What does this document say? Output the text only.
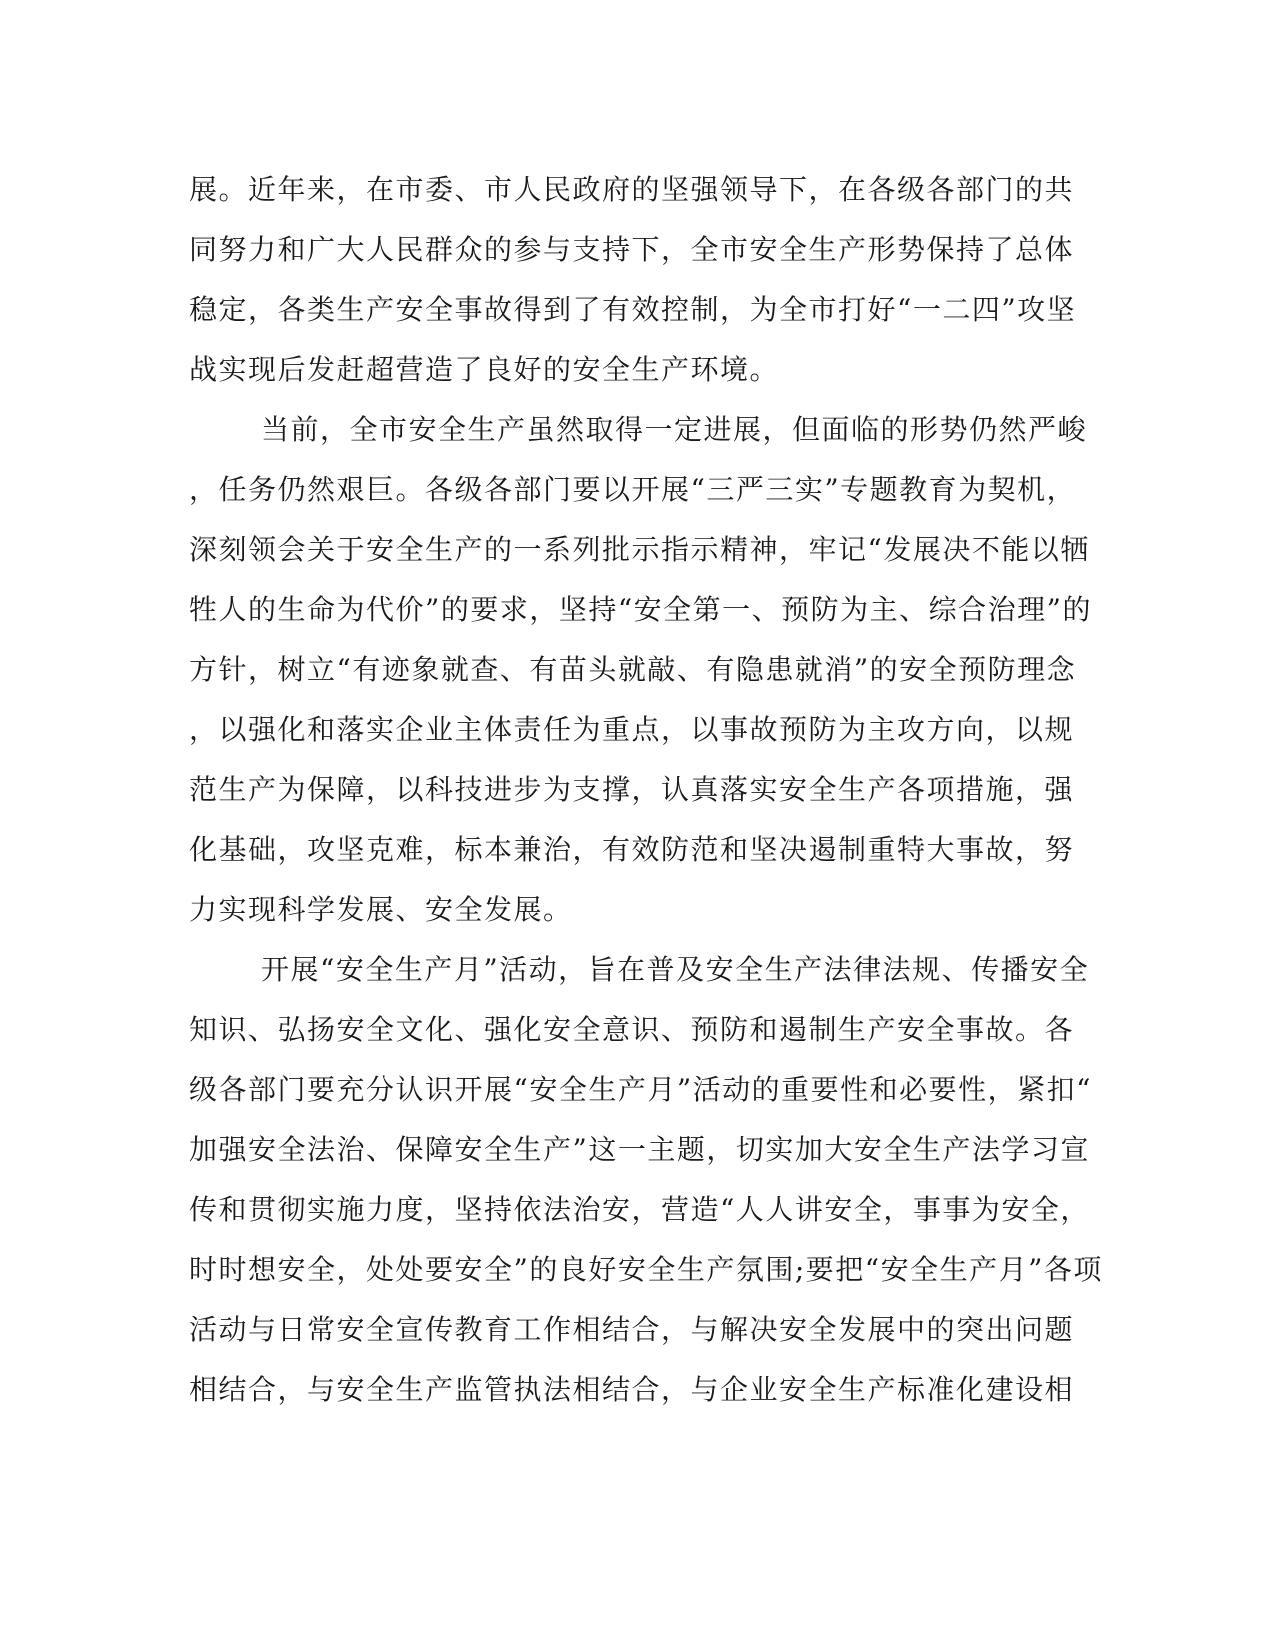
展。近年来，在市委、市人民政府的坚强领导下，在各级各部门的共
同努力和广大人民群众的参与支持下，全市安全生产形势保持了总体
稳定，各类生产安全事故得到了有效控制，为全市打好“一二四”攻坚
战实现后发赶超营造了良好的安全生产环境。
当前，全市安全生产虽然取得一定进展，但面临的形势仍然严峻
，任务仍然艰巨。各级各部门要以开展“三严三实”专题教育为契机，
深刻领会关于安全生产的一系列批示指示精神，牢记“发展决不能以牺
牲人的生命为代价”的要求，坚持“安全第一、预防为主、综合治理”的
方针，树立“有迹象就查、有苗头就敲、有隐患就消”的安全预防理念
，以强化和落实企业主体责任为重点，以事故预防为主攻方向，以规
范生产为保障，以科技进步为支撑，认真落实安全生产各项措施，强
化基础，攻坚克难，标本兼治，有效防范和坚决遏制重特大事故，努
力实现科学发展、安全发展。
开展“安全生产月”活动，旨在普及安全生产法律法规、传播安全
知识、弘扬安全文化、强化安全意识、预防和遏制生产安全事故。各
级各部门要充分认识开展“安全生产月”活动的重要性和必要性，紧扣“
加强安全法治、保障安全生产”这一主题，切实加大安全生产法学习宣
传和贯彻实施力度，坚持依法治安，营造“人人讲安全，事事为安全，
时时想安全，处处要安全”的良好安全生产氛围;要把“安全生产月”各项
活动与日常安全宣传教育工作相结合，与解决安全发展中的突出问题
相结合，与安全生产监管执法相结合，与企业安全生产标准化建设相
